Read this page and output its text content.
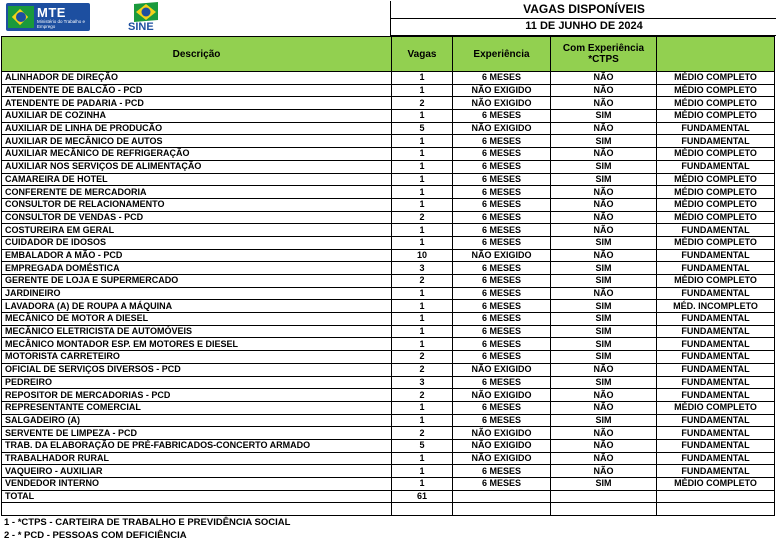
MTE
Ministério do Trabalho e Emprego	SINE
VAGAS DISPONÍVEIS
11 DE JUNHO DE 2024
Descrição	Vagas	Experiência	Com Experiência *CTPS	
ALINHADOR DE DIREÇÃO	1	6 MESES	NÃO	MÉDIO COMPLETO
ATENDENTE DE BALCÃO - PCD	1	NÃO EXIGIDO	NÃO	MÉDIO COMPLETO
ATENDENTE DE PADARIA - PCD	2	NÃO EXIGIDO	NÃO	MÉDIO COMPLETO
AUXILIAR DE COZINHA	1	6 MESES	SIM	MÉDIO COMPLETO
AUXILIAR DE LINHA DE PRODUCÃO	5	NÃO EXIGIDO	NÃO	FUNDAMENTAL
AUXILIAR DE MECÂNICO DE AUTOS	1	6 MESES	SIM	FUNDAMENTAL
AUXILIAR MECÂNICO DE REFRIGERAÇÃO	1	6 MESES	NÃO	MÉDIO COMPLETO
AUXILIAR NOS SERVIÇOS DE ALIMENTAÇÃO	1	6 MESES	SIM	FUNDAMENTAL
CAMAREIRA DE HOTEL	1	6 MESES	SIM	MÉDIO COMPLETO
CONFERENTE DE MERCADORIA	1	6 MESES	NÃO	MÉDIO COMPLETO
CONSULTOR DE RELACIONAMENTO	1	6 MESES	NÃO	MÉDIO COMPLETO
CONSULTOR DE VENDAS - PCD	2	6 MESES	NÃO	MÉDIO COMPLETO
COSTUREIRA EM GERAL	1	6 MESES	NÃO	FUNDAMENTAL
CUIDADOR DE IDOSOS	1	6 MESES	SIM	MÉDIO COMPLETO
EMBALADOR A MÃO - PCD	10	NÃO EXIGIDO	NÃO	FUNDAMENTAL
EMPREGADA DOMÉSTICA	3	6 MESES	SIM	FUNDAMENTAL
GERENTE DE LOJA E SUPERMERCADO	2	6 MESES	SIM	MÉDIO COMPLETO
JARDINEIRO	1	6 MESES	NÃO	FUNDAMENTAL
LAVADORA (A) DE ROUPA A MÁQUINA	1	6 MESES	SIM	MÉD. INCOMPLETO
MECÂNICO DE MOTOR A DIESEL	1	6 MESES	SIM	FUNDAMENTAL
MECÂNICO ELETRICISTA DE AUTOMÓVEIS	1	6 MESES	SIM	FUNDAMENTAL
MECÂNICO MONTADOR ESP. EM MOTORES E DIESEL	1	6 MESES	SIM	FUNDAMENTAL
MOTORISTA CARRETEIRO	2	6 MESES	SIM	FUNDAMENTAL
OFICIAL DE SERVIÇOS DIVERSOS - PCD	2	NÃO EXIGIDO	NÃO	FUNDAMENTAL
PEDREIRO	3	6 MESES	SIM	FUNDAMENTAL
REPOSITOR DE MERCADORIAS - PCD	2	NÃO EXIGIDO	NÃO	FUNDAMENTAL
REPRESENTANTE COMERCIAL	1	6 MESES	NÃO	MÉDIO COMPLETO
SALGADEIRO (A)	1	6 MESES	SIM	FUNDAMENTAL
SERVENTE DE LIMPEZA - PCD	2	NÃO EXIGIDO	NÃO	FUNDAMENTAL
TRAB. DA ELABORAÇÃO DE PRÉ-FABRICADOS-CONCERTO ARMADO	5	NÃO EXIGIDO	NÃO	FUNDAMENTAL
TRABALHADOR RURAL	1	NÃO EXIGIDO	NÃO	FUNDAMENTAL
VAQUEIRO - AUXILIAR	1	6 MESES	NÃO	FUNDAMENTAL
VENDEDOR INTERNO	1	6 MESES	SIM	MÉDIO COMPLETO
TOTAL	61			

1 - *CTPS - CARTEIRA DE TRABALHO E PREVIDÊNCIA SOCIAL
2 - * PCD - PESSOAS COM DEFICIÊNCIA
